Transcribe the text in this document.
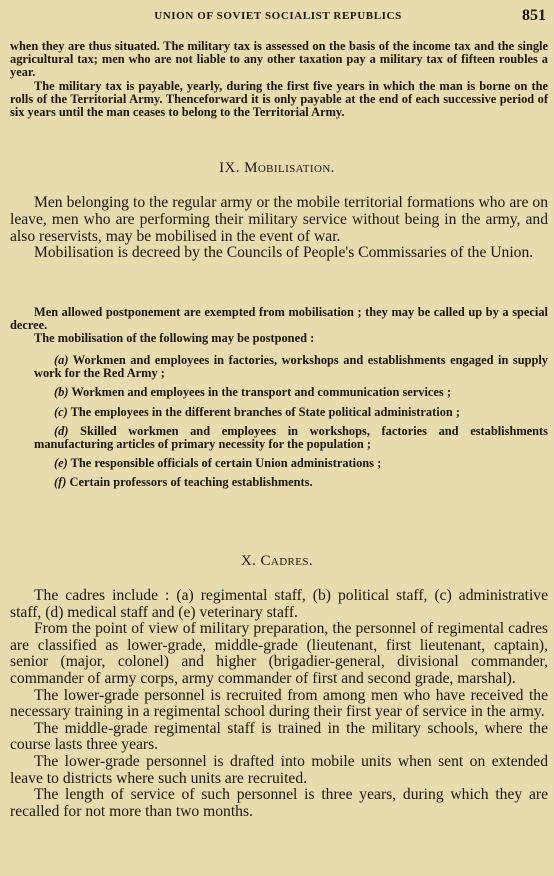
UNION OF SOVIET SOCIALIST REPUBLICS	851

when they are thus situated. The military tax is assessed on the basis of the income tax and the single agricultural tax; men who are not liable to any other taxation pay a military tax of fifteen roubles a year.

The military tax is payable, yearly, during the first five years in which the man is borne on the rolls of the Territorial Army. Thenceforward it is only payable at the end of each successive period of six years until the man ceases to belong to the Territorial Army.

IX. Mobilisation.

Men belonging to the regular army or the mobile territorial formations who are on leave, men who are performing their military service without being in the army, and also reservists, may be mobilised in the event of war.

Mobilisation is decreed by the Councils of People's Commissaries of the Union.

Men allowed postponement are exempted from mobilisation ; they may be called up by a special decree.

The mobilisation of the following may be postponed :

(a) Workmen and employees in factories, workshops and establishments engaged in supply work for the Red Army ;
(b) Workmen and employees in the transport and communication services ;
(c) The employees in the different branches of State political administration ;
(d) Skilled workmen and employees in workshops, factories and establishments manufacturing articles of primary necessity for the population ;
(e) The responsible officials of certain Union administrations ;
(f) Certain professors of teaching establishments.
X. Cadres.

The cadres include : (a) regimental staff, (b) political staff, (c) administrative staff, (d) medical staff and (e) veterinary staff.

From the point of view of military preparation, the personnel of regimental cadres are classified as lower-grade, middle-grade (lieutenant, first lieutenant, captain), senior (major, colonel) and higher (brigadier-general, divisional commander, commander of army corps, army commander of first and second grade, marshal).

The lower-grade personnel is recruited from among men who have received the necessary training in a regimental school during their first year of service in the army.

The middle-grade regimental staff is trained in the military schools, where the course lasts three years.

The lower-grade personnel is drafted into mobile units when sent on extended leave to districts where such units are recruited.

The length of service of such personnel is three years, during which they are recalled for not more than two months.
